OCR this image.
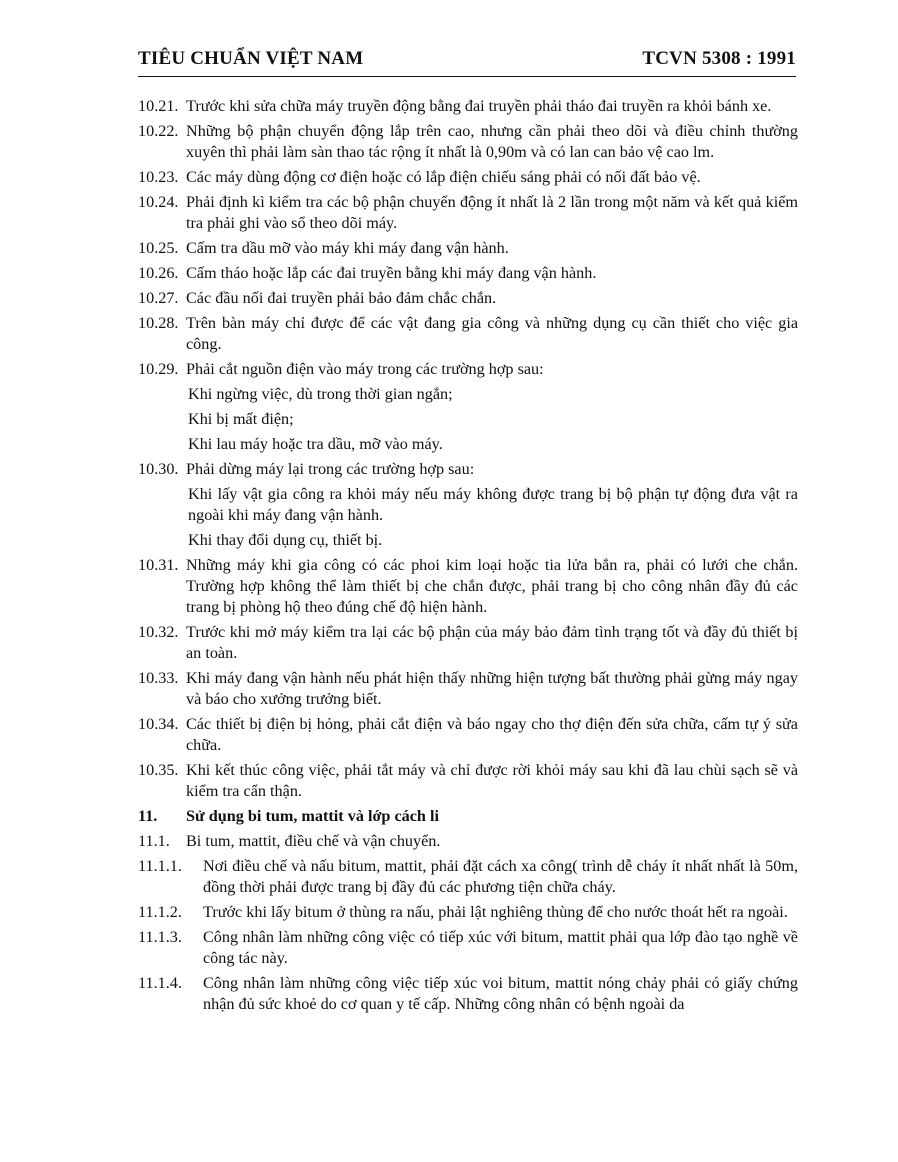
TIÊU CHUẨN VIỆT NAM	TCVN 5308 : 1991
10.21. Trước khi sửa chữa máy truyền động bằng đai truyền phải tháo đai truyền ra khỏi bánh xe.
10.22. Những bộ phận chuyển động lắp trên cao, nhưng cần phải theo dõi và điều chỉnh thường xuyên thì phải làm sàn thao tác rộng ít nhất là 0,90m và có lan can bảo vệ cao lm.
10.23. Các máy dùng động cơ điện hoặc có lắp điện chiếu sáng phải có nối đất bảo vệ.
10.24. Phải định kì kiểm tra các bộ phận chuyển động ít nhất là 2 lần trong một năm và kết quả kiểm tra phải ghi vào sổ theo dõi máy.
10.25. Cấm tra dầu mỡ vào máy khi máy đang vận hành.
10.26. Cấm tháo hoặc lắp các đai truyền bằng khi máy đang vận hành.
10.27. Các đầu nối đai truyền phải bảo đảm chắc chắn.
10.28. Trên bàn máy chỉ được để các vật đang gia công và những dụng cụ cần thiết cho việc gia công.
10.29. Phải cắt nguồn điện vào máy trong các trường hợp sau:
Khi ngừng việc, dù trong thời gian ngắn;
Khi bị mất điện;
Khi lau máy hoặc tra dầu, mỡ vào máy.
10.30. Phải dừng máy lại trong các trường hợp sau:
Khi lấy vật gia công ra khỏi máy nếu máy không được trang bị bộ phận tự động đưa vật ra ngoài khi máy đang vận hành.
Khi thay đổi dụng cụ, thiết bị.
10.31. Những máy khi gia công có các phoi kim loại hoặc tia lửa bắn ra, phải có lưới che chắn. Trường hợp không thể làm thiết bị che chắn được, phải trang bị cho công nhân đầy đủ các trang bị phòng hộ theo đúng chế độ hiện hành.
10.32. Trước khi mở máy kiểm tra lại các bộ phận của máy bảo đảm tình trạng tốt và đầy đủ thiết bị an toàn.
10.33. Khi máy đang vận hành nếu phát hiện thấy những hiện tượng bất thường phải gừng máy ngay và báo cho xưởng trưởng biết.
10.34. Các thiết bị điện bị hỏng, phải cắt điện và báo ngay cho thợ điện đến sửa chữa, cấm tự ý sửa chữa.
10.35. Khi kết thúc công việc, phải tắt máy và chỉ được rời khỏi máy sau khi đã lau chùi sạch sẽ và kiểm tra cẩn thận.
11.	Sử dụng bi tum, mattit và lớp cách li
11.1.	Bi tum, mattit, điều chế và vận chuyển.
11.1.1.	Nơi điều chế và nấu bitum, mattit, phải đặt cách xa công( trình dễ cháy ít nhất nhất là 50m, đồng thời phải được trang bị đầy đủ các phương tiện chữa cháy.
11.1.2.	Trước khi lấy bitum ở thùng ra nấu, phải lật nghiêng thùng để cho nước thoát hết ra ngoài.
11.1.3.	Công nhân làm những công việc có tiếp xúc với bitum, mattit phải qua lớp đào tạo nghề về công tác này.
11.1.4.	Công nhân làm những công việc tiếp xúc voi bitum, mattit nóng chảy phải có giấy chứng nhận đủ sức khoẻ do cơ quan y tế cấp. Những công nhân có bệnh ngoài da
